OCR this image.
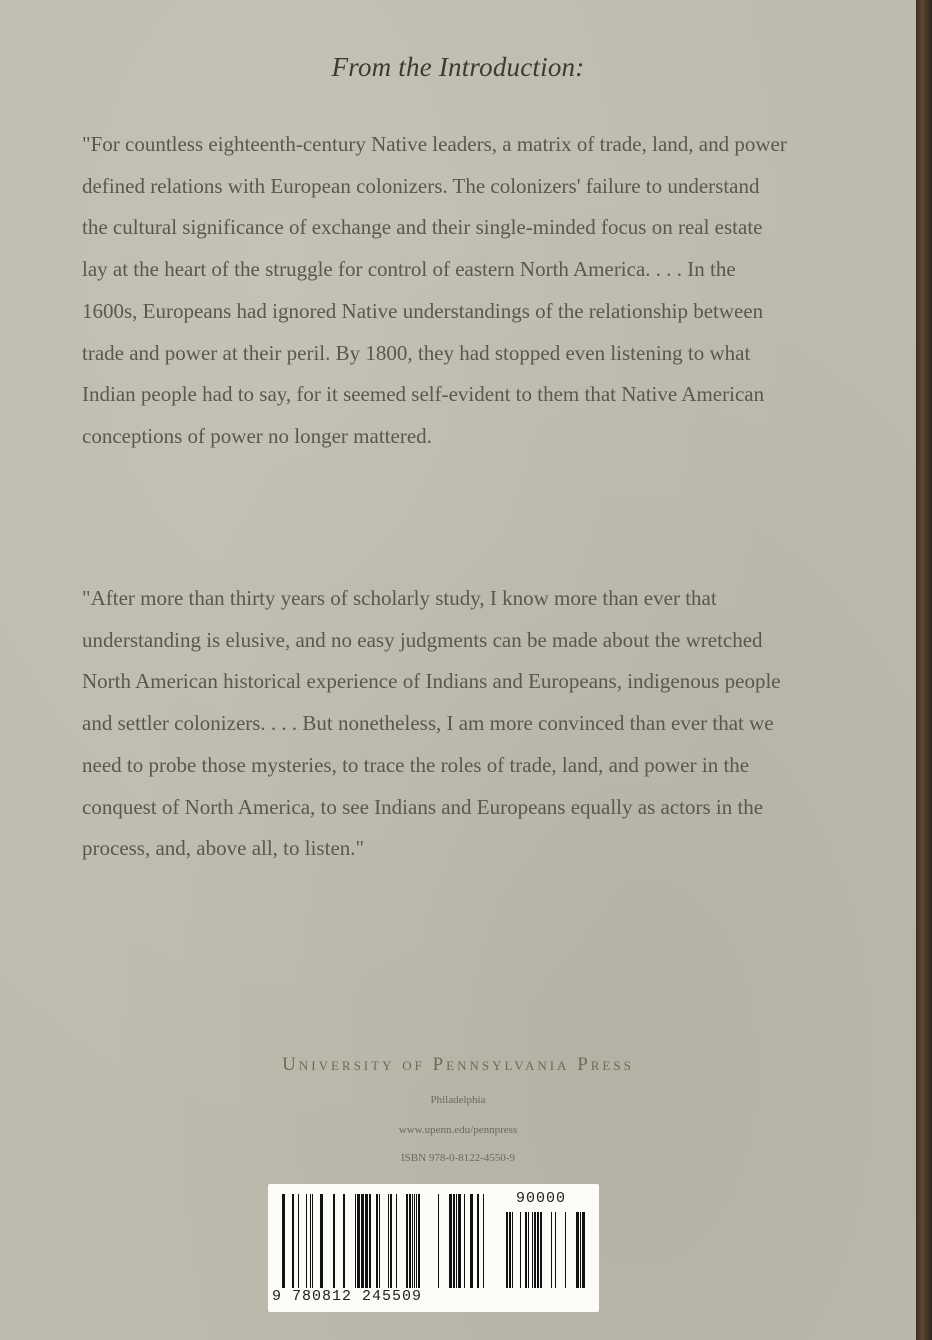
From the Introduction:

"For countless eighteenth-century Native leaders, a matrix of trade, land, and power defined relations with European colonizers. The colonizers' failure to understand the cultural significance of exchange and their single-minded focus on real estate lay at the heart of the struggle for control of eastern North America. . . . In the 1600s, Europeans had ignored Native understandings of the relationship between trade and power at their peril. By 1800, they had stopped even listening to what Indian people had to say, for it seemed self-evident to them that Native American conceptions of power no longer mattered.

"After more than thirty years of scholarly study, I know more than ever that understanding is elusive, and no easy judgments can be made about the wretched North American historical experience of Indians and Europeans, indigenous people and settler colonizers. . . . But nonetheless, I am more convinced than ever that we need to probe those mysteries, to trace the roles of trade, land, and power in the conquest of North America, to see Indians and Europeans equally as actors in the process, and, above all, to listen."

University of Pennsylvania Press
Philadelphia
www.upenn.edu/pennpress
ISBN 978-0-8122-4550-9
90000
9 780812 245509
